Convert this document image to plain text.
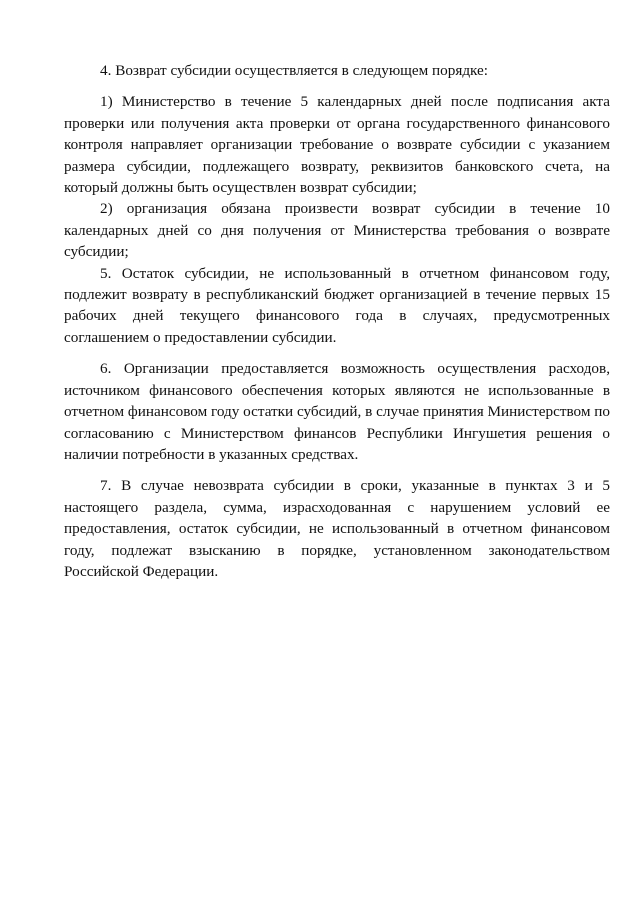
4. Возврат субсидии осуществляется в следующем порядке:

1) Министерство в течение 5 календарных дней после подписания акта проверки или получения акта проверки от органа государственного финансового контроля направляет организации требование о возврате субсидии с указанием размера субсидии, подлежащего возврату, реквизитов банковского счета, на который должны быть осуществлен возврат субсидии;

2) организация обязана произвести возврат субсидии в течение 10 календарных дней со дня получения от Министерства требования о возврате субсидии;

5. Остаток субсидии, не использованный в отчетном финансовом году, подлежит возврату в республиканский бюджет организацией в течение первых 15 рабочих дней текущего финансового года в случаях, предусмотренных соглашением о предоставлении субсидии.

6. Организации предоставляется возможность осуществления расходов, источником финансового обеспечения которых являются не использованные в отчетном финансовом году остатки субсидий, в случае принятия Министерством по согласованию с Министерством финансов Республики Ингушетия решения о наличии потребности в указанных средствах.

7. В случае невозврата субсидии в сроки, указанные в пунктах 3 и 5 настоящего раздела, сумма, израсходованная с нарушением условий ее предоставления, остаток субсидии, не использованный в отчетном финансовом году, подлежат взысканию в порядке, установленном законодательством Российской Федерации.
